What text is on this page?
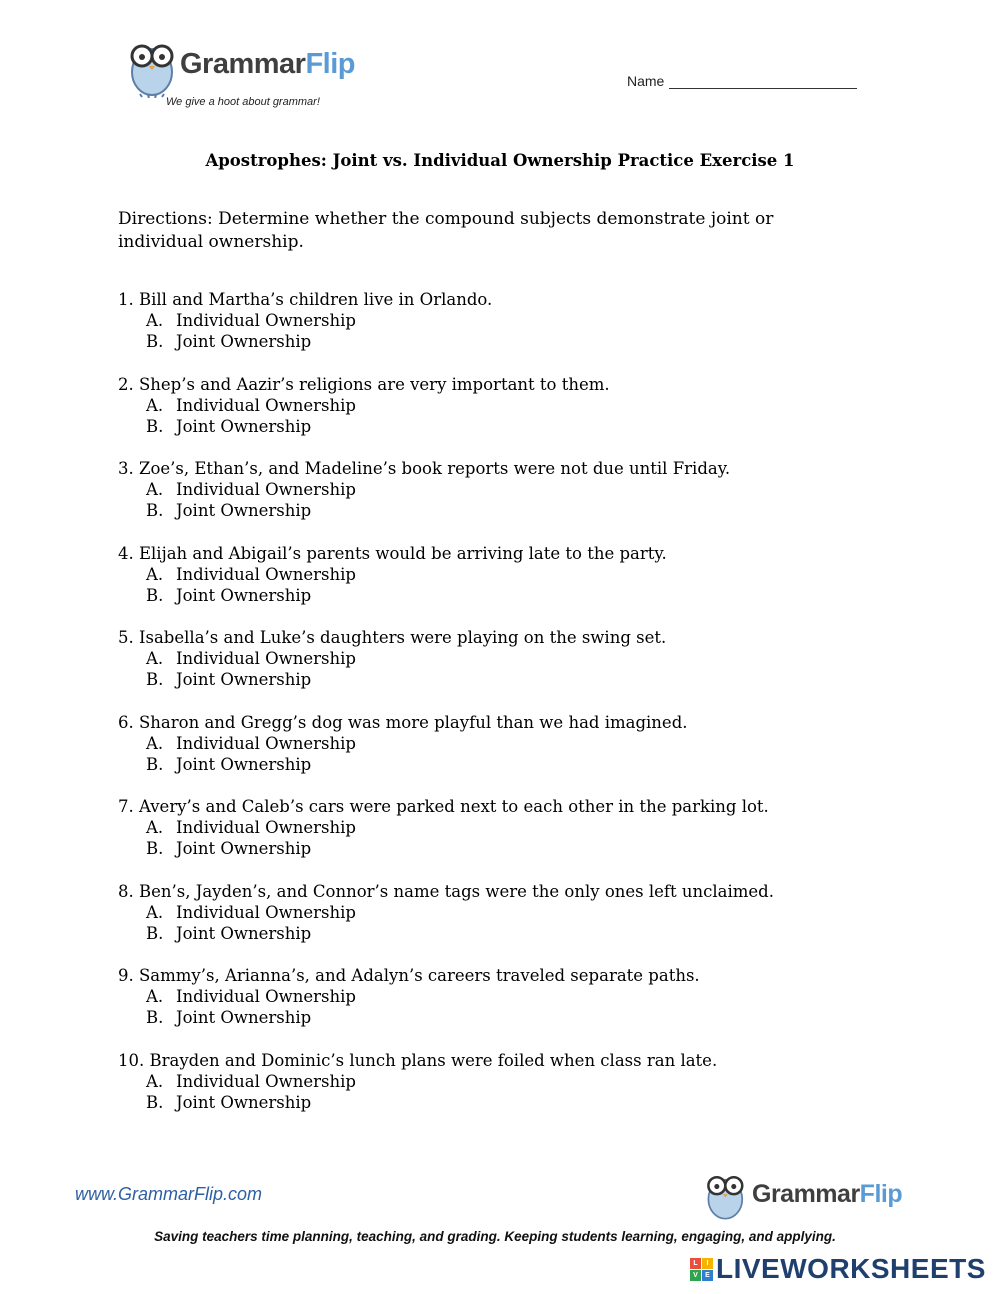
GrammarFlip
We give a hoot about grammar!
Name
Apostrophes: Joint vs. Individual Ownership Practice Exercise 1
Directions: Determine whether the compound subjects demonstrate joint or individual ownership.
1. Bill and Martha’s children live in Orlando.
A. Individual Ownership
B. Joint Ownership
2. Shep’s and Aazir’s religions are very important to them.
A. Individual Ownership
B. Joint Ownership
3. Zoe’s, Ethan’s, and Madeline’s book reports were not due until Friday.
A. Individual Ownership
B. Joint Ownership
4. Elijah and Abigail’s parents would be arriving late to the party.
A. Individual Ownership
B. Joint Ownership
5. Isabella’s and Luke’s daughters were playing on the swing set.
A. Individual Ownership
B. Joint Ownership
6. Sharon and Gregg’s dog was more playful than we had imagined.
A. Individual Ownership
B. Joint Ownership
7. Avery’s and Caleb’s cars were parked next to each other in the parking lot.
A. Individual Ownership
B. Joint Ownership
8. Ben’s, Jayden’s, and Connor’s name tags were the only ones left unclaimed.
A. Individual Ownership
B. Joint Ownership
9. Sammy’s, Arianna’s, and Adalyn’s careers traveled separate paths.
A. Individual Ownership
B. Joint Ownership
10. Brayden and Dominic’s lunch plans were foiled when class ran late.
A. Individual Ownership
B. Joint Ownership
www.GrammarFlip.com	GrammarFlip
Saving teachers time planning, teaching, and grading. Keeping students learning, engaging, and applying.
L	I
V	E LIVEWORKSHEETS
